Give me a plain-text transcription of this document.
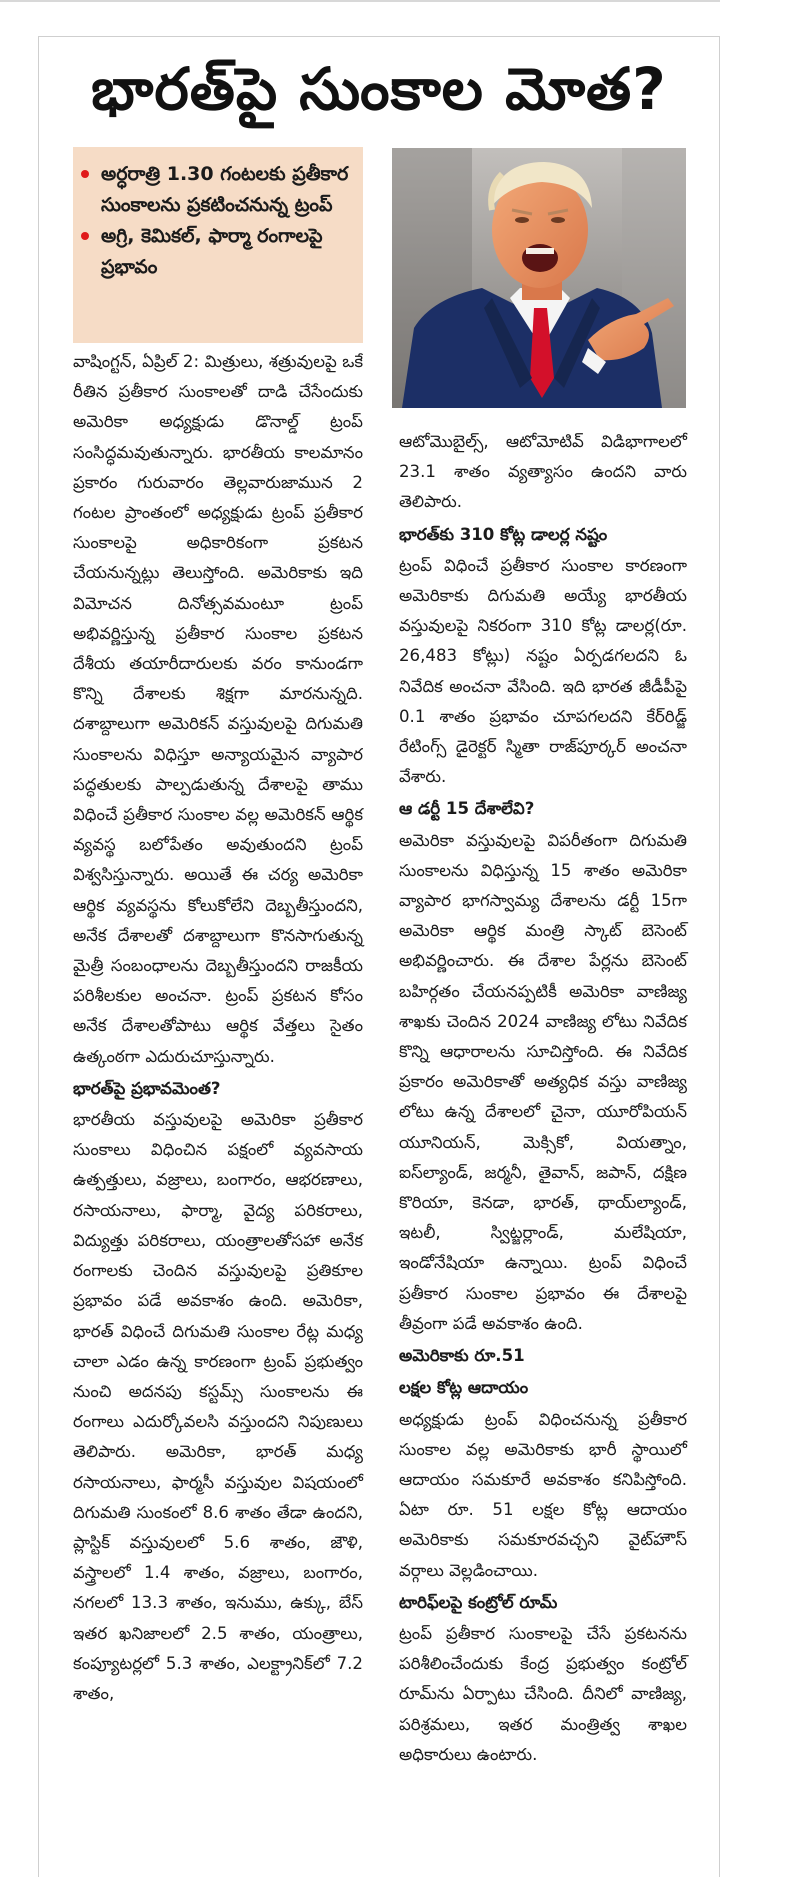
భారత్‌పై సుంకాల మోత?
అర్ధరాత్రి 1.30 గంటలకు ప్రతీకార సుంకాలను ప్రకటించనున్న ట్రంప్
అగ్రి, కెమికల్, ఫార్మా రంగాలపై ప్రభావం

వాషింగ్టన్, ఏప్రిల్ 2: మిత్రులు, శత్రువులపై ఒకే రీతిన ప్రతీకార సుంకాలతో దాడి చేసేందుకు అమెరికా అధ్యక్షుడు డొనాల్డ్ ట్రంప్ సంసిద్ధమవుతున్నారు. భారతీయ కాలమానం ప్రకారం గురువారం తెల్లవారుజామున 2 గంటల ప్రాంతంలో అధ్యక్షుడు ట్రంప్ ప్రతీకార సుంకాలపై అధికారికంగా ప్రకటన చేయనున్నట్లు తెలుస్తోంది. అమెరికాకు ఇది విమోచన దినోత్సవమంటూ ట్రంప్ అభివర్ణిస్తున్న ప్రతీకార సుంకాల ప్రకటన దేశీయ తయారీదారులకు వరం కానుండగా కొన్ని దేశాలకు శిక్షగా మారనున్నది. దశాబ్దాలుగా అమెరికన్ వస్తువులపై దిగుమతి సుంకాలను విధిస్తూ అన్యాయమైన వ్యాపార పద్ధతులకు పాల్పడుతున్న దేశాలపై తాము విధించే ప్రతీకార సుంకాల వల్ల అమెరికన్ ఆర్థిక వ్యవస్థ బలోపేతం అవుతుందని ట్రంప్ విశ్వసిస్తున్నారు. అయితే ఈ చర్య అమెరికా ఆర్థిక వ్యవస్థను కోలుకోలేని దెబ్బతీస్తుందని, అనేక దేశాలతో దశాబ్దాలుగా కొనసాగుతున్న మైత్రీ సంబంధాలను దెబ్బతీస్తుందని రాజకీయ పరిశీలకుల అంచనా. ట్రంప్ ప్రకటన కోసం అనేక దేశాలతోపాటు ఆర్థిక వేత్తలు సైతం ఉత్కంఠగా ఎదురుచూస్తున్నారు.

భారత్‌పై ప్రభావమెంత?

భారతీయ వస్తువులపై అమెరికా ప్రతీకార సుంకాలు విధించిన పక్షంలో వ్యవసాయ ఉత్పత్తులు, వజ్రాలు, బంగారం, ఆభరణాలు, రసాయనాలు, ఫార్మా, వైద్య పరికరాలు, విద్యుత్తు పరికరాలు, యంత్రాలతోసహా అనేక రంగాలకు చెందిన వస్తువులపై ప్రతికూల ప్రభావం పడే అవకాశం ఉంది. అమెరికా, భారత్ విధించే దిగుమతి సుంకాల రేట్ల మధ్య చాలా ఎడం ఉన్న కారణంగా ట్రంప్ ప్రభుత్వం నుంచి అదనపు కస్టమ్స్ సుంకాలను ఈ రంగాలు ఎదుర్కోవలసి వస్తుందని నిపుణులు తెలిపారు. అమెరికా, భారత్ మధ్య రసాయనాలు, ఫార్మసీ వస్తువుల విషయంలో దిగుమతి సుంకంలో 8.6 శాతం తేడా ఉందని, ప్లాస్టిక్ వస్తువులలో 5.6 శాతం, జౌళి, వస్త్రాలలో 1.4 శాతం, వజ్రాలు, బంగారం, నగలలో 13.3 శాతం, ఇనుము, ఉక్కు, బేస్ ఇతర ఖనిజాలలో 2.5 శాతం, యంత్రాలు, కంప్యూటర్లలో 5.3 శాతం, ఎలక్ట్రానిక్‌లో 7.2 శాతం,

ఆటోమొబైల్స్, ఆటోమోటివ్ విడిభాగాలలో 23.1 శాతం వ్యత్యాసం ఉందని వారు తెలిపారు.

భారత్‌కు 310 కోట్ల డాలర్ల నష్టం

ట్రంప్ విధించే ప్రతీకార సుంకాల కారణంగా అమెరికాకు దిగుమతి అయ్యే భారతీయ వస్తువులపై నికరంగా 310 కోట్ల డాలర్ల(రూ. 26,483 కోట్లు) నష్టం ఏర్పడగలదని ఓ నివేదిక అంచనా వేసింది. ఇది భారత జీడీపీపై 0.1 శాతం ప్రభావం చూపగలదని కేర్‌రిడ్జ్ రేటింగ్స్ డైరెక్టర్ స్మితా రాజ్‌పూర్కర్ అంచనా వేశారు.

ఆ డర్టీ 15 దేశాలేవి?

అమెరికా వస్తువులపై విపరీతంగా దిగుమతి సుంకాలను విధిస్తున్న 15 శాతం అమెరికా వ్యాపార భాగస్వామ్య దేశాలను డర్టీ 15గా అమెరికా ఆర్థిక మంత్రి స్కాట్ బెసెంట్ అభివర్ణించారు. ఈ దేశాల పేర్లను బెసెంట్ బహిర్గతం చేయనప్పటికీ అమెరికా వాణిజ్య శాఖకు చెందిన 2024 వాణిజ్య లోటు నివేదిక కొన్ని ఆధారాలను సూచిస్తోంది. ఈ నివేదిక ప్రకారం అమెరికాతో అత్యధిక వస్తు వాణిజ్య లోటు ఉన్న దేశాలలో చైనా, యూరోపియన్ యూనియన్, మెక్సికో, వియత్నాం, ఐస్‌ల్యాండ్, జర్మనీ, తైవాన్, జపాన్, దక్షిణ కొరియా, కెనడా, భారత్, థాయ్‌ల్యాండ్, ఇటలీ, స్విట్జర్లాండ్, మలేషియా, ఇండోనేషియా ఉన్నాయి. ట్రంప్ విధించే ప్రతీకార సుంకాల ప్రభావం ఈ దేశాలపై తీవ్రంగా పడే అవకాశం ఉంది.

అమెరికాకు రూ.51

లక్షల కోట్ల ఆదాయం

అధ్యక్షుడు ట్రంప్ విధించనున్న ప్రతీకార సుంకాల వల్ల అమెరికాకు భారీ స్థాయిలో ఆదాయం సమకూరే అవకాశం కనిపిస్తోంది. ఏటా రూ. 51 లక్షల కోట్ల ఆదాయం అమెరికాకు సమకూరవచ్చని వైట్‌హౌస్ వర్గాలు వెల్లడించాయి.

టారిఫ్‌లపై కంట్రోల్ రూమ్

ట్రంప్ ప్రతీకార సుంకాలపై చేసే ప్రకటనను పరిశీలించేందుకు కేంద్ర ప్రభుత్వం కంట్రోల్ రూమ్‌ను ఏర్పాటు చేసింది. దీనిలో వాణిజ్య, పరిశ్రమలు, ఇతర మంత్రిత్వ శాఖల అధికారులు ఉంటారు.
